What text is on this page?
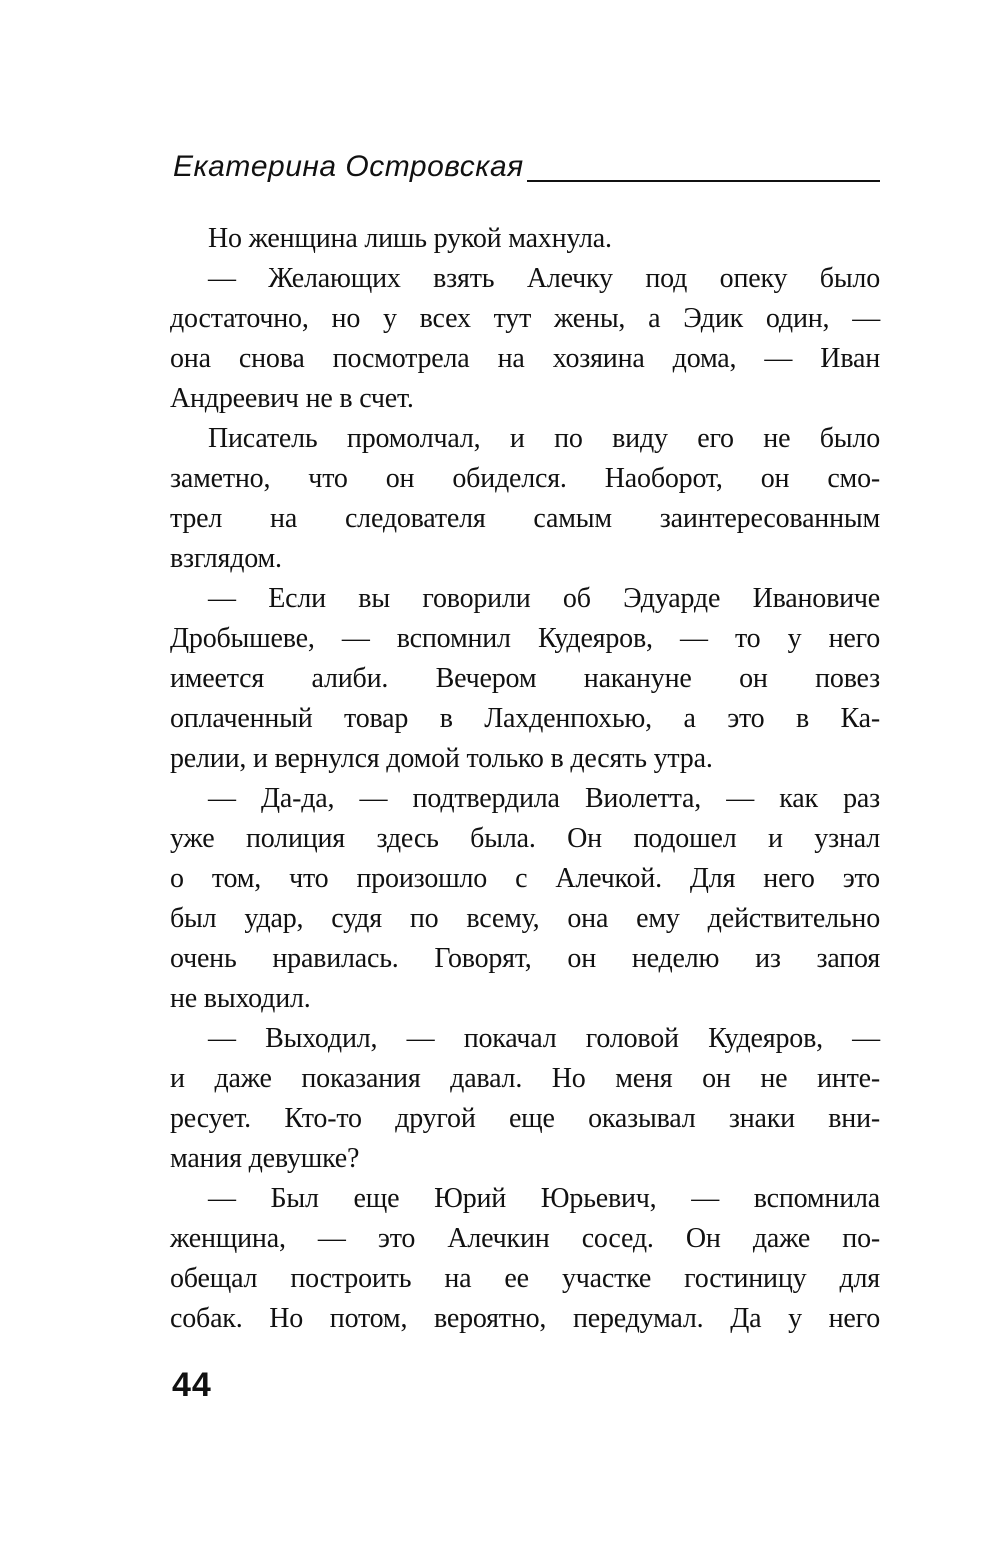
Екатерина Островская
Но женщина лишь рукой махнула.
— Желающих взять Алечку под опеку было
достаточно, но у всех тут жены, а Эдик один, —
она снова посмотрела на хозяина дома, — Иван
Андреевич не в счет.
Писатель промолчал, и по виду его не было
заметно, что он обиделся. Наоборот, он смо-
трел на следователя самым заинтересованным
взглядом.
— Если вы говорили об Эдуарде Ивановиче
Дробышеве, — вспомнил Кудеяров, — то у него
имеется алиби. Вечером накануне он повез
оплаченный товар в Лахденпохью, а это в Ка-
релии, и вернулся домой только в десять утра.
— Да-да, — подтвердила Виолетта, — как раз
уже полиция здесь была. Он подошел и узнал
о том, что произошло с Алечкой. Для него это
был удар, судя по всему, она ему действительно
очень нравилась. Говорят, он неделю из запоя
не выходил.
— Выходил, — покачал головой Кудеяров, —
и даже показания давал. Но меня он не инте-
ресует. Кто-то другой еще оказывал знаки вни-
мания девушке?
— Был еще Юрий Юрьевич, — вспомнила
женщина, — это Алечкин сосед. Он даже по-
обещал построить на ее участке гостиницу для
собак. Но потом, вероятно, передумал. Да у него
44
